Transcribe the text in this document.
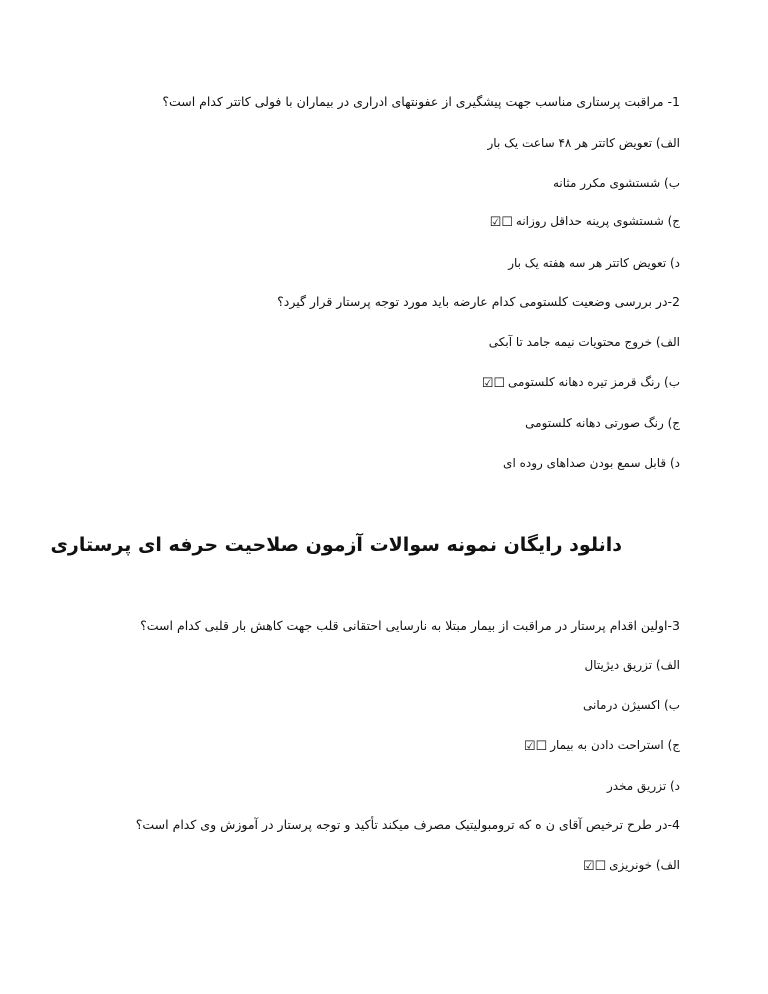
1- مراقبت پرستاری مناسب جهت پیشگیری از عفونتهای ادراری در بیماران با فولی کاتتر کدام است؟
الف) تعویض کاتتر هر ۴۸ ساعت یک بار
ب) شستشوی مکرر مثانه
ج) شستشوی پرینه حداقل روزانه☐☑
د) تعویض کاتتر هر سه هفته یک بار
2-در بررسی وضعیت کلستومی کدام عارضه باید مورد توجه پرستار قرار گیرد؟
الف) خروج محتویات نیمه جامد تا آبکی
ب) رنگ قرمز تیره دهانه کلستومی☐☑
ج) رنگ صورتی دهانه کلستومی
د) قابل سمع بودن صداهای روده ای
دانلود رایگان نمونه سوالات آزمون صلاحیت حرفه ای پرستاری
3-اولین اقدام پرستار در مراقبت از بیمار مبتلا به نارسایی احتقانی قلب جهت کاهش بار قلبی کدام است؟
الف) تزریق دیژیتال
ب) اکسیژن درمانی
ج) استراحت دادن به بیمار☐☑
د) تزریق مخدر
4-در طرح ترخیص آقای ن ه که ترومبولیتیک مصرف میکند تأکید و توجه پرستار در آموزش وی کدام است؟
الف) خونریزی☐☑
